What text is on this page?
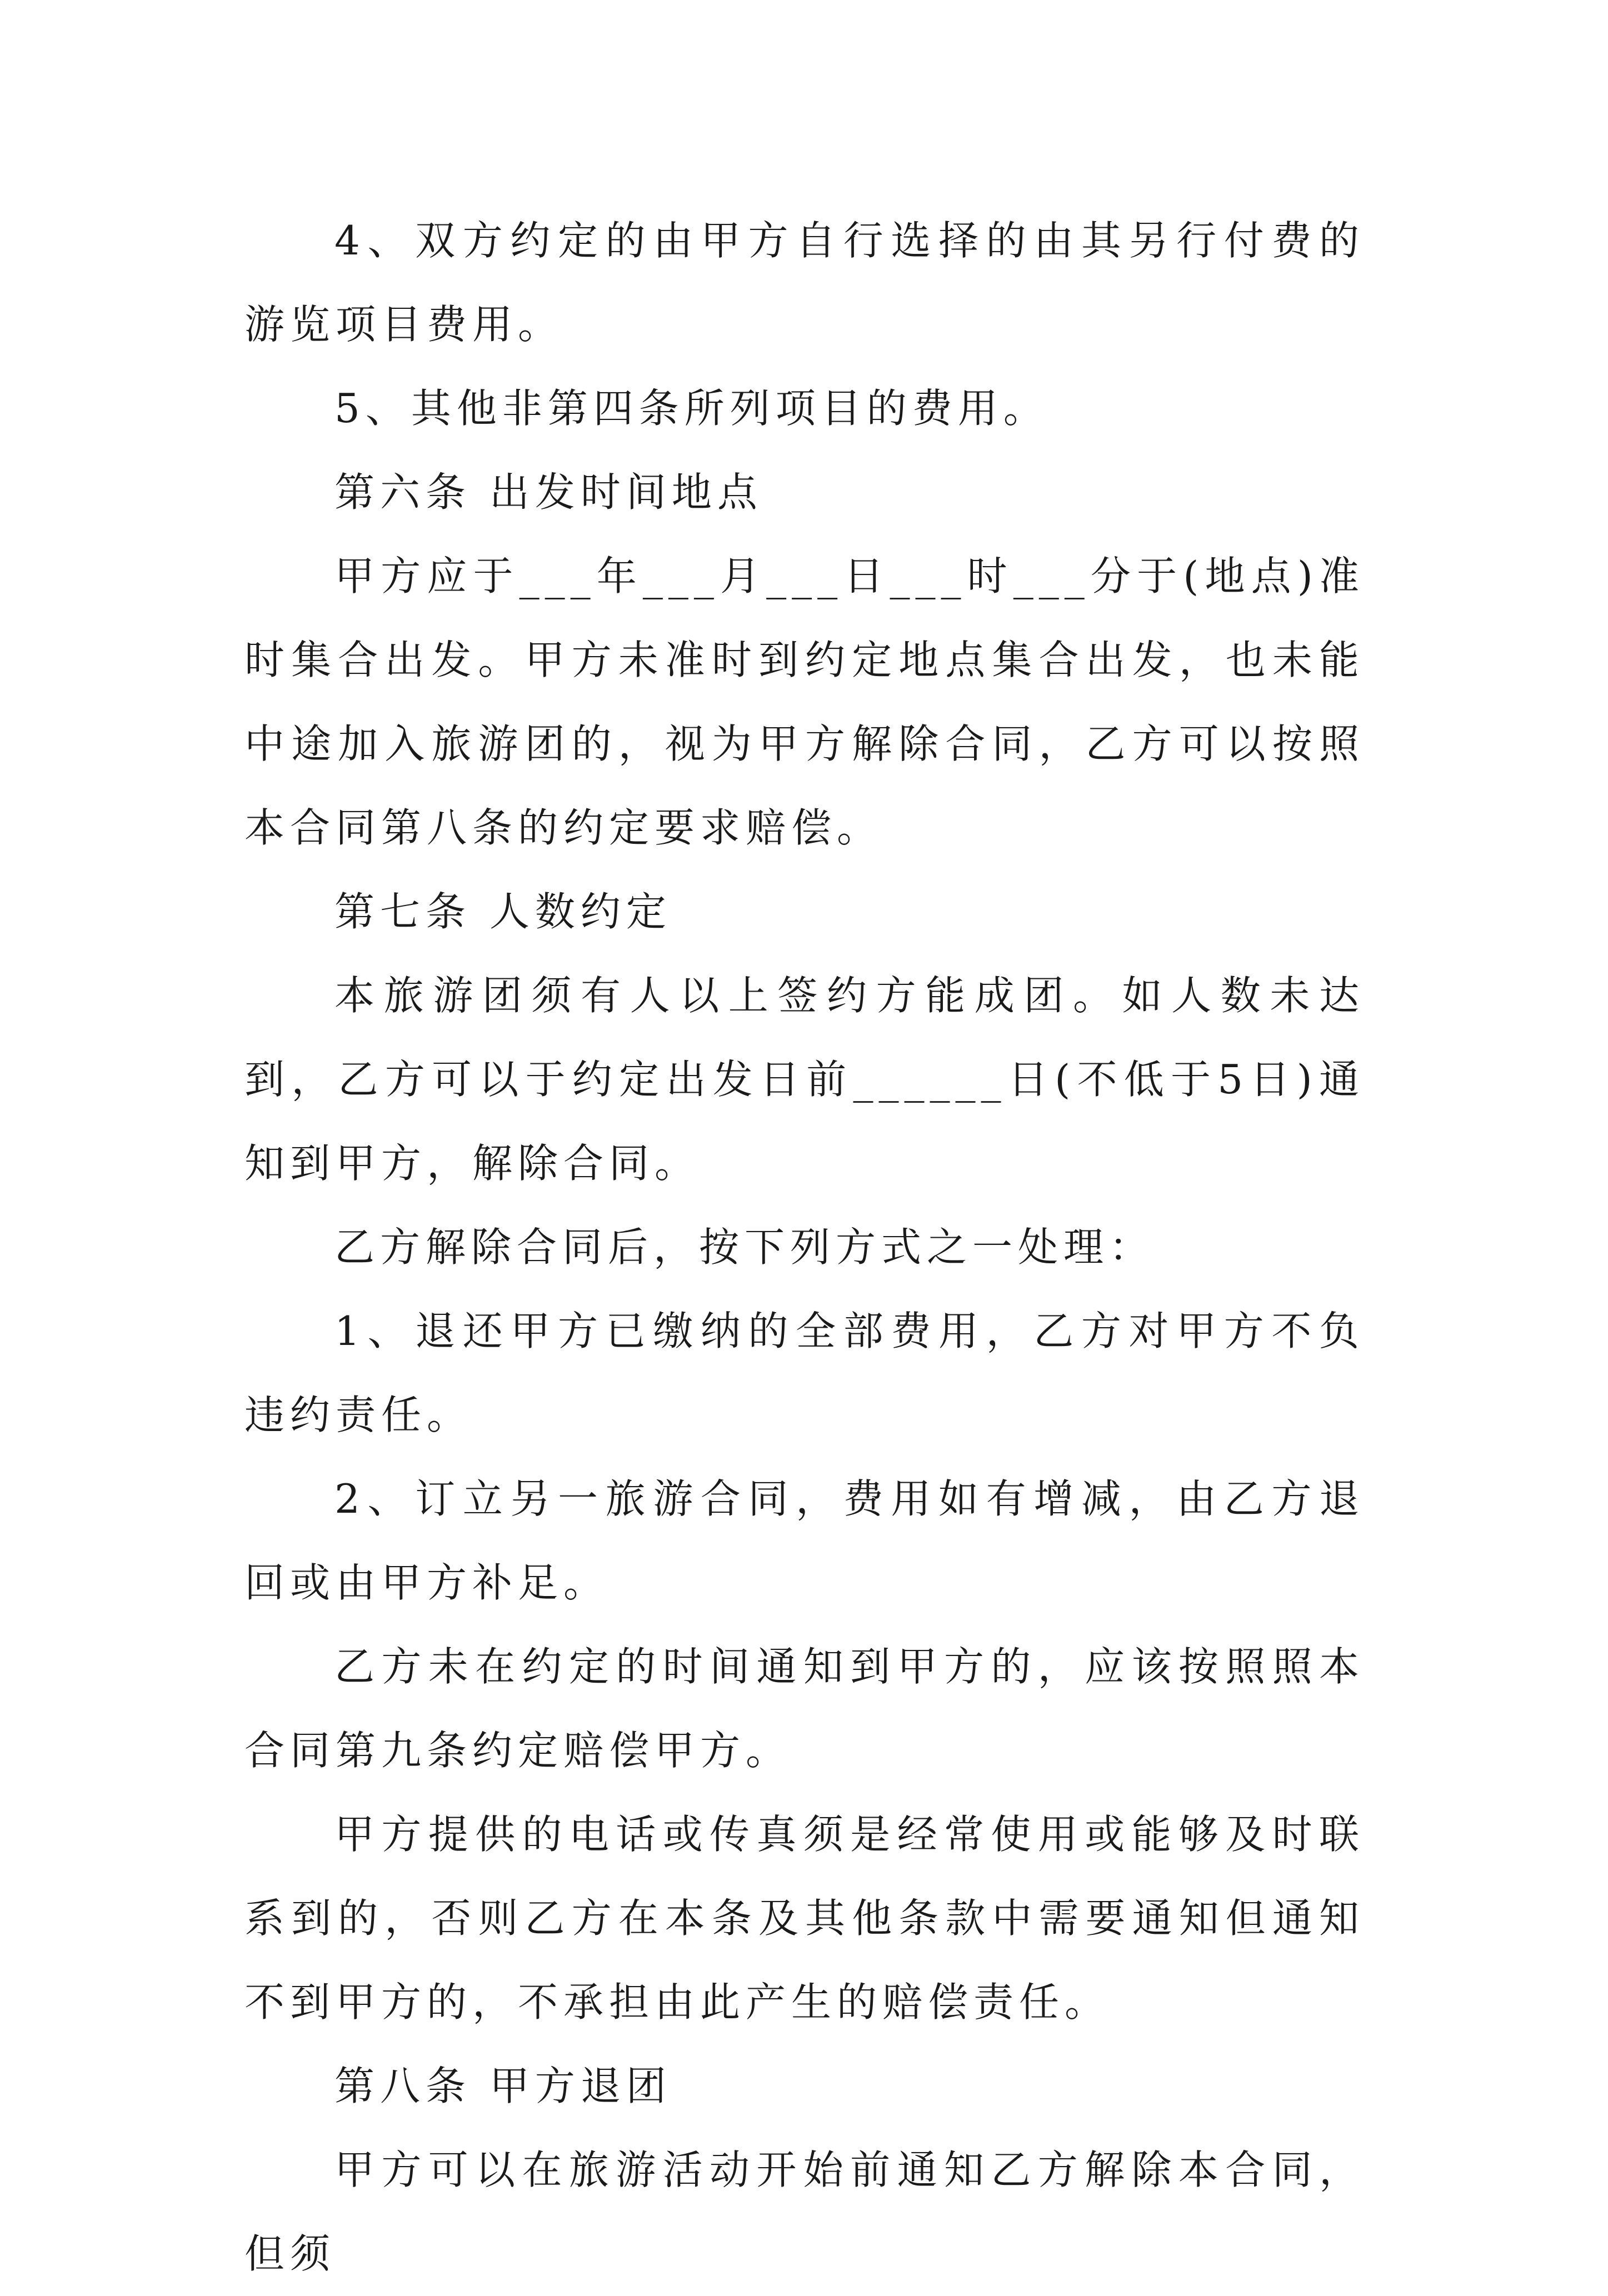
4、双方约定的由甲方自行选择的由其另行付费的游览项目费用。

5、其他非第四条所列项目的费用。

第六条 出发时间地点

甲方应于___年___月___日___时___分于(地点)准时集合出发。甲方未准时到约定地点集合出发，也未能中途加入旅游团的，视为甲方解除合同，乙方可以按照本合同第八条的约定要求赔偿。

第七条 人数约定

本旅游团须有人以上签约方能成团。如人数未达到，乙方可以于约定出发日前______日(不低于5日)通知到甲方，解除合同。

乙方解除合同后，按下列方式之一处理：

1、退还甲方已缴纳的全部费用，乙方对甲方不负违约责任。

2、订立另一旅游合同，费用如有增减，由乙方退回或由甲方补足。

乙方未在约定的时间通知到甲方的，应该按照照本合同第九条约定赔偿甲方。

甲方提供的电话或传真须是经常使用或能够及时联系到的，否则乙方在本条及其他条款中需要通知但通知不到甲方的，不承担由此产生的赔偿责任。

第八条 甲方退团

甲方可以在旅游活动开始前通知乙方解除本合同，但须
